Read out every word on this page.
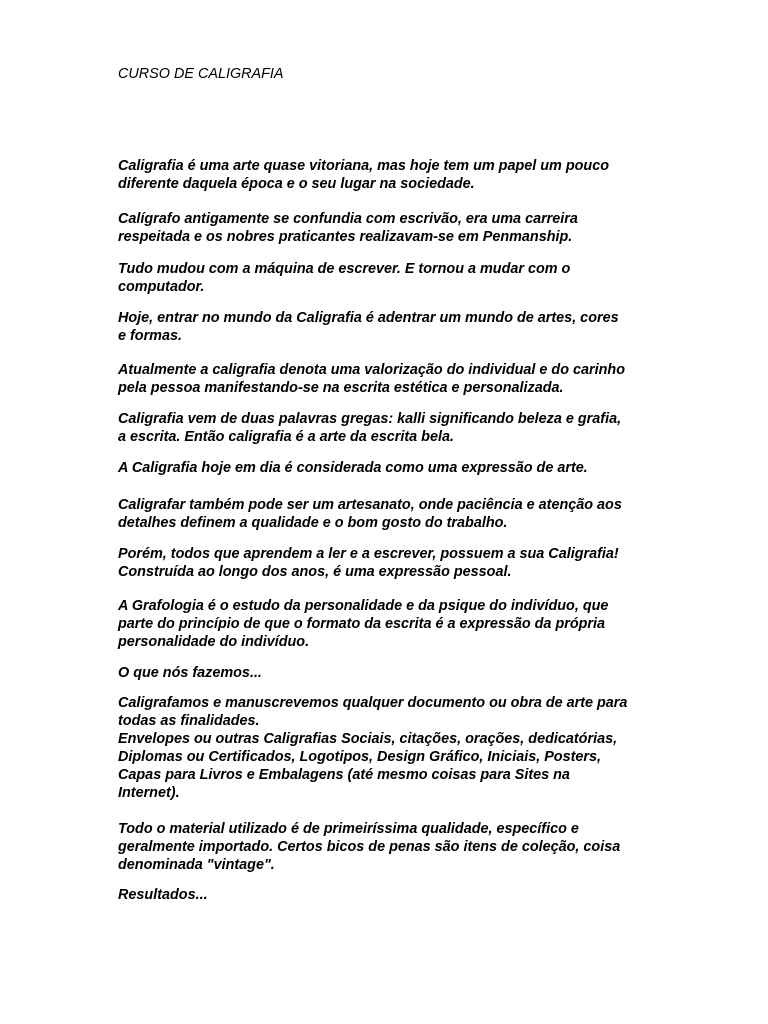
CURSO DE CALIGRAFIA

Caligrafia é uma arte quase vitoriana, mas hoje tem um papel um pouco
diferente daquela época e o seu lugar na sociedade.

Calígrafo antigamente se confundia com escrivão, era uma carreira
respeitada e os nobres praticantes realizavam-se em Penmanship.

Tudo mudou com a máquina de escrever. E tornou a mudar com o
computador.

Hoje, entrar no mundo da Caligrafia é adentrar um mundo de artes, cores
e formas.

Atualmente a caligrafia denota uma valorização do individual e do carinho
pela pessoa manifestando-se na escrita estética e personalizada.

Caligrafia vem de duas palavras gregas: kalli significando beleza e grafia,
a escrita. Então caligrafia é a arte da escrita bela.

A Caligrafia hoje em dia é considerada como uma expressão de arte.

Caligrafar também pode ser um artesanato, onde paciência e atenção aos
detalhes definem a qualidade e o bom gosto do trabalho.

Porém, todos que aprendem a ler e a escrever, possuem a sua Caligrafia!
Construída ao longo dos anos, é uma expressão pessoal.

A Grafologia é o estudo da personalidade e da psique do indivíduo, que
parte do princípio de que o formato da escrita é a expressão da própria
personalidade do indivíduo.

O que nós fazemos...

Caligrafamos e manuscrevemos qualquer documento ou obra de arte para
todas as finalidades.
Envelopes ou outras Caligrafias Sociais, citações, orações, dedicatórias,
Diplomas ou Certificados, Logotipos, Design Gráfico, Iniciais, Posters,
Capas para Livros e Embalagens (até mesmo coisas para Sites na
Internet).

Todo o material utilizado é de primeiríssima qualidade, específico e
geralmente importado. Certos bicos de penas são itens de coleção, coisa
denominada "vintage".

Resultados...
